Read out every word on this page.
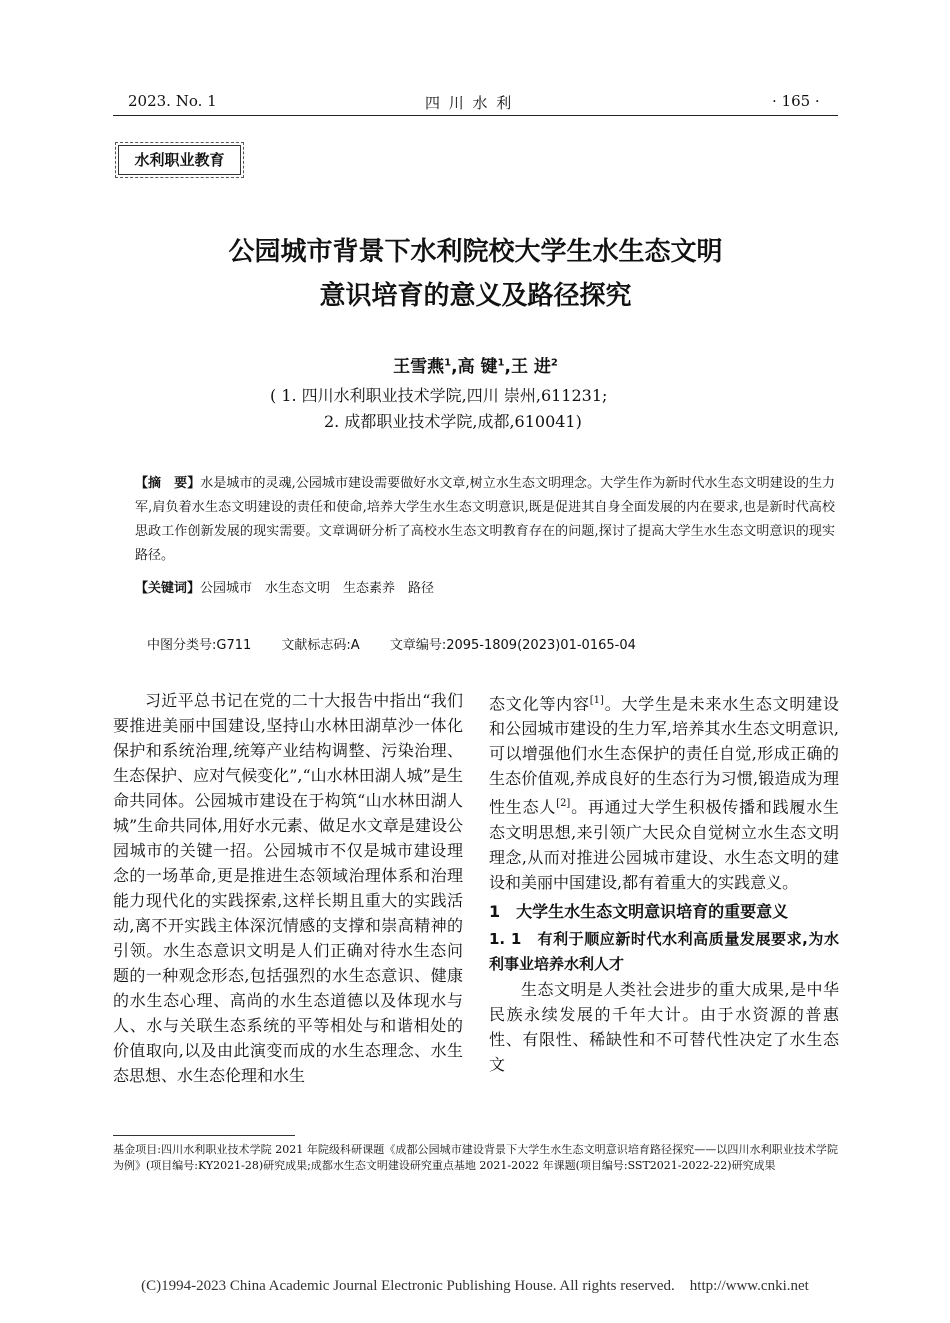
2023. No. 1	四 川 水 利	· 165 ·
水利职业教育
公园城市背景下水利院校大学生水生态文明
意识培育的意义及路径探究
王雪燕$^1$,高 键$^1$,王 进$^2$
( 1. 四川水利职业技术学院,四川 崇州,611231;
2. 成都职业技术学院,成都,610041)
【摘　要】水是城市的灵魂,公园城市建设需要做好水文章,树立水生态文明理念。大学生作为新时代水生态文明建设的生力军,肩负着水生态文明建设的责任和使命,培养大学生水生态文明意识,既是促进其自身全面发展的内在要求,也是新时代高校思政工作创新发展的现实需要。文章调研分析了高校水生态文明教育存在的问题,探讨了提高大学生水生态文明意识的现实路径。
【关键词】公园城市　水生态文明　生态素养　路径
中图分类号:G711 文献标志码:A 文章编号:2095-1809(2023)01-0165-04

习近平总书记在党的二十大报告中指出“我们要推进美丽中国建设,坚持山水林田湖草沙一体化保护和系统治理,统筹产业结构调整、污染治理、生态保护、应对气候变化”,“山水林田湖人城”是生命共同体。公园城市建设在于构筑“山水林田湖人城”生命共同体,用好水元素、做足水文章是建设公园城市的关键一招。公园城市不仅是城市建设理念的一场革命,更是推进生态领域治理体系和治理能力现代化的实践探索,这样长期且重大的实践活动,离不开实践主体深沉情感的支撑和崇高精神的引领。水生态意识文明是人们正确对待水生态问题的一种观念形态,包括强烈的水生态意识、健康的水生态心理、高尚的水生态道德以及体现水与人、水与关联生态系统的平等相处与和谐相处的价值取向,以及由此演变而成的水生态理念、水生态思想、水生态伦理和水生

态文化等内容[1]。大学生是未来水生态文明建设和公园城市建设的生力军,培养其水生态文明意识,可以增强他们水生态保护的责任自觉,形成正确的生态价值观,养成良好的生态行为习惯,锻造成为理性生态人[2]。再通过大学生积极传播和践履水生态文明思想,来引领广大民众自觉树立水生态文明理念,从而对推进公园城市建设、水生态文明的建设和美丽中国建设,都有着重大的实践意义。

1　大学生水生态文明意识培育的重要意义
1. 1　有利于顺应新时代水利高质量发展要求,为水利事业培养水利人才

生态文明是人类社会进步的重大成果,是中华民族永续发展的千年大计。由于水资源的普惠性、有限性、稀缺性和不可替代性决定了水生态文

基金项目:四川水利职业技术学院 2021 年院级科研课题《成都公园城市建设背景下大学生水生态文明意识培育路径探究——以四川水利职业技术学院为例》(项目编号:KY2021-28)研究成果;成都水生态文明建设研究重点基地 2021-2022 年课题(项目编号:SST2021-2022-22)研究成果
(C)1994-2023 China Academic Journal Electronic Publishing House. All rights reserved.    http://www.cnki.net
